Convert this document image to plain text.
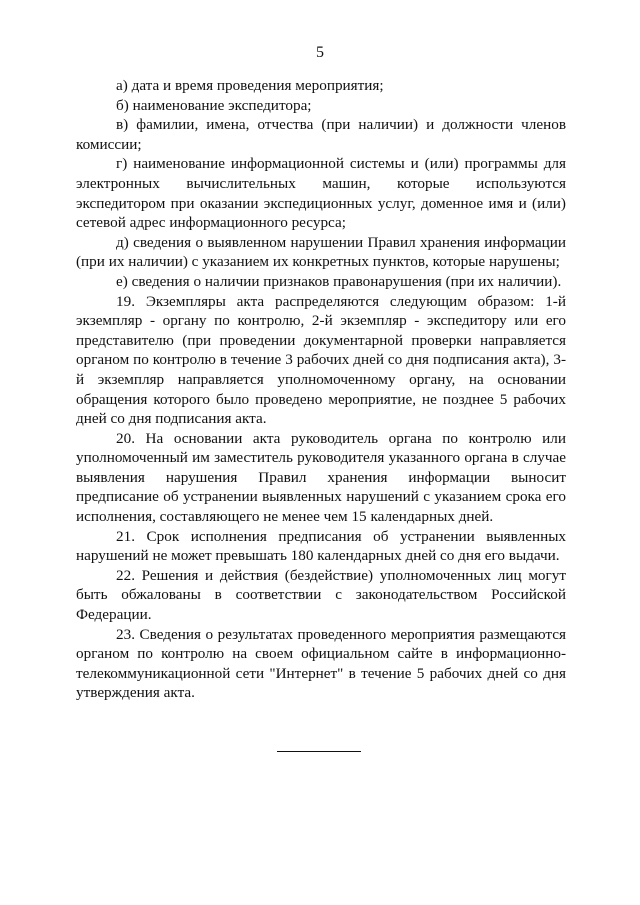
5

а) дата и время проведения мероприятия;

б) наименование экспедитора;

в) фамилии, имена, отчества (при наличии) и должности членов комиссии;

г) наименование информационной системы и (или) программы для электронных вычислительных машин, которые используются экспедитором при оказании экспедиционных услуг, доменное имя и (или) сетевой адрес информационного ресурса;

д) сведения о выявленном нарушении Правил хранения информации (при их наличии) с указанием их конкретных пунктов, которые нарушены;

е) сведения о наличии признаков правонарушения (при их наличии).

19. Экземпляры акта распределяются следующим образом: 1-й экземпляр - органу по контролю, 2-й экземпляр - экспедитору или его представителю (при проведении документарной проверки направляется органом по контролю в течение 3 рабочих дней со дня подписания акта), 3-й экземпляр направляется уполномоченному органу, на основании обращения которого было проведено мероприятие, не позднее 5 рабочих дней со дня подписания акта.

20. На основании акта руководитель органа по контролю или уполномоченный им заместитель руководителя указанного органа в случае выявления нарушения Правил хранения информации выносит предписание об устранении выявленных нарушений с указанием срока его исполнения, составляющего не менее чем 15 календарных дней.

21. Срок исполнения предписания об устранении выявленных нарушений не может превышать 180 календарных дней со дня его выдачи.

22. Решения и действия (бездействие) уполномоченных лиц могут быть обжалованы в соответствии с законодательством Российской Федерации.

23. Сведения о результатах проведенного мероприятия размещаются органом по контролю на своем официальном сайте в информационно-телекоммуникационной сети "Интернет" в течение 5 рабочих дней со дня утверждения акта.
